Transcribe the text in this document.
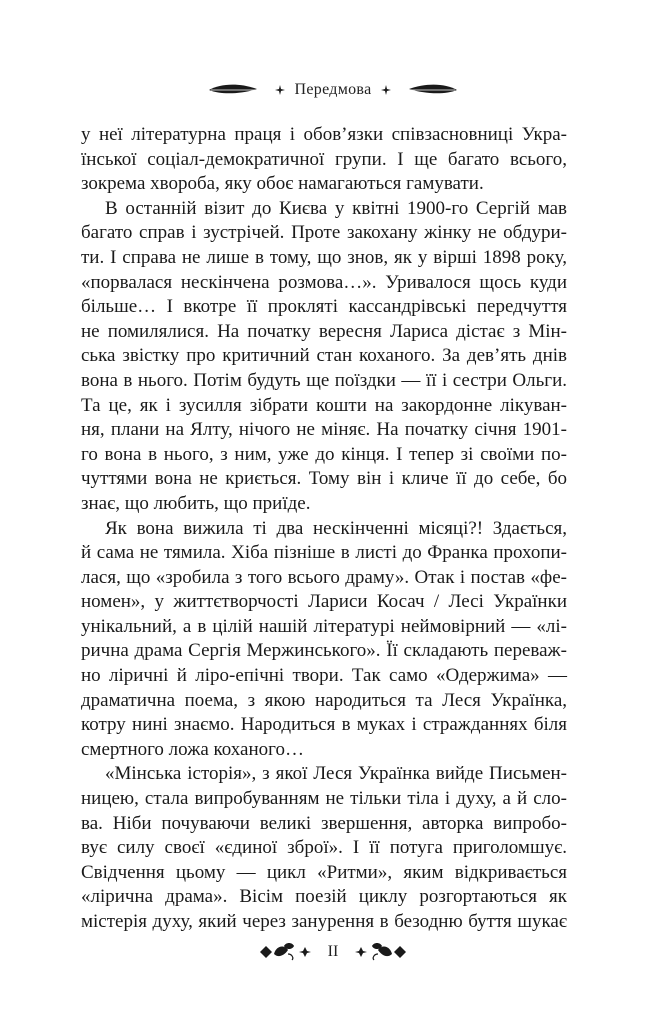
Передмова
у неї літературна праця і обов’язки співзасновниці Укра-
їнської соціал-демократичної групи. І ще багато всього,
зокрема хвороба, яку обоє намагаються гамувати.
В останній візит до Києва у квітні 1900-го Сергій мав
багато справ і зустрічей. Проте закохану жінку не обдури-
ти. І справа не лише в тому, що знов, як у вірші 1898 року,
«порвалася нескінчена розмова…». Уривалося щось куди
більше… І вкотре її прокляті кассандрівські передчуття
не помилялися. На початку вересня Лариса дістає з Мін-
ська звістку про критичний стан коханого. За дев’ять днів
вона в нього. Потім будуть ще поїздки — її і сестри Ольги.
Та це, як і зусилля зібрати кошти на закордонне лікуван-
ня, плани на Ялту, нічого не міняє. На початку січня 1901-
го вона в нього, з ним, уже до кінця. І тепер зі своїми по-
чуттями вона не криється. Тому він і кличе її до себе, бо
знає, що любить, що приїде.
Як вона вижила ті два нескінченні місяці?! Здається,
й сама не тямила. Хіба пізніше в листі до Франка прохопи-
лася, що «зробила з того всього драму». Отак і постав «фе-
номен», у життєтворчості Лариси Косач / Лесі Українки
унікальний, а в цілій нашій літературі неймовірний — «лі-
рична драма Сергія Мержинського». Її складають переваж-
но ліричні й ліро-епічні твори. Так само «Одержима» —
драматична поема, з якою народиться та Леся Українка,
котру нині знаємо. Народиться в муках і стражданнях біля
смертного ложа коханого…
«Мінська історія», з якої Леся Українка вийде Письмен-
ницею, стала випробуванням не тільки тіла і духу, а й сло-
ва. Ніби почуваючи великі звершення, авторка випробо-
вує силу своєї «єдиної зброї». І її потуга приголомшує.
Свідчення цьому — цикл «Ритми», яким відкривається
«лірична драма». Вісім поезій циклу розгортаються як
містерія духу, який через занурення в безодню буття шукає
II
